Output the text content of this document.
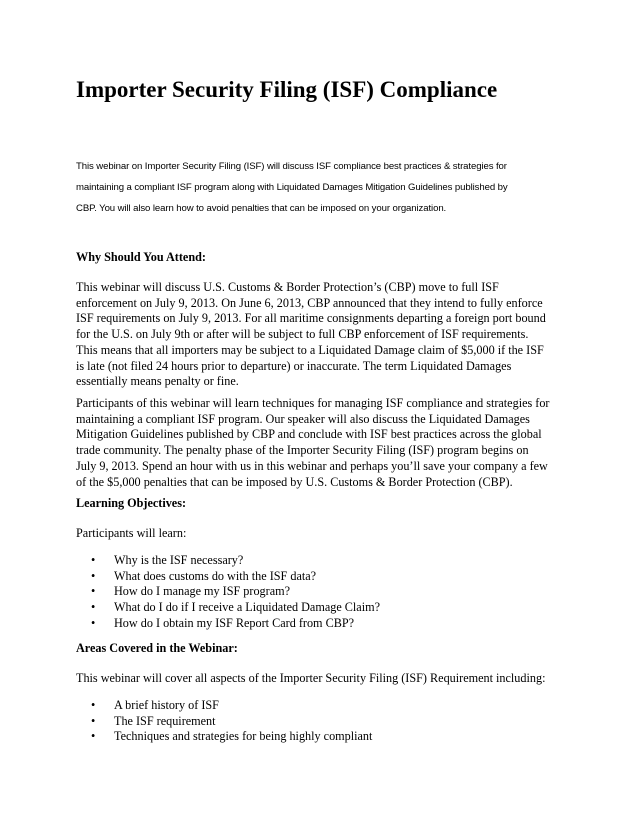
Importer Security Filing (ISF) Compliance

This webinar on Importer Security Filing (ISF) will discuss ISF compliance best practices & strategies for
maintaining a compliant ISF program along with Liquidated Damages Mitigation Guidelines published by
CBP. You will also learn how to avoid penalties that can be imposed on your organization.

Why Should You Attend:

This webinar will discuss U.S. Customs & Border Protection’s (CBP) move to full ISF
enforcement on July 9, 2013. On June 6, 2013, CBP announced that they intend to fully enforce
ISF requirements on July 9, 2013. For all maritime consignments departing a foreign port bound
for the U.S. on July 9th or after will be subject to full CBP enforcement of ISF requirements.
This means that all importers may be subject to a Liquidated Damage claim of $5,000 if the ISF
is late (not filed 24 hours prior to departure) or inaccurate. The term Liquidated Damages
essentially means penalty or fine.

Participants of this webinar will learn techniques for managing ISF compliance and strategies for
maintaining a compliant ISF program. Our speaker will also discuss the Liquidated Damages
Mitigation Guidelines published by CBP and conclude with ISF best practices across the global
trade community. The penalty phase of the Importer Security Filing (ISF) program begins on
July 9, 2013. Spend an hour with us in this webinar and perhaps you’ll save your company a few
of the $5,000 penalties that can be imposed by U.S. Customs & Border Protection (CBP).

Learning Objectives:

Participants will learn:

• Why is the ISF necessary?
• What does customs do with the ISF data?
• How do I manage my ISF program?
• What do I do if I receive a Liquidated Damage Claim?
• How do I obtain my ISF Report Card from CBP?

Areas Covered in the Webinar:

This webinar will cover all aspects of the Importer Security Filing (ISF) Requirement including:

• A brief history of ISF
• The ISF requirement
• Techniques and strategies for being highly compliant
